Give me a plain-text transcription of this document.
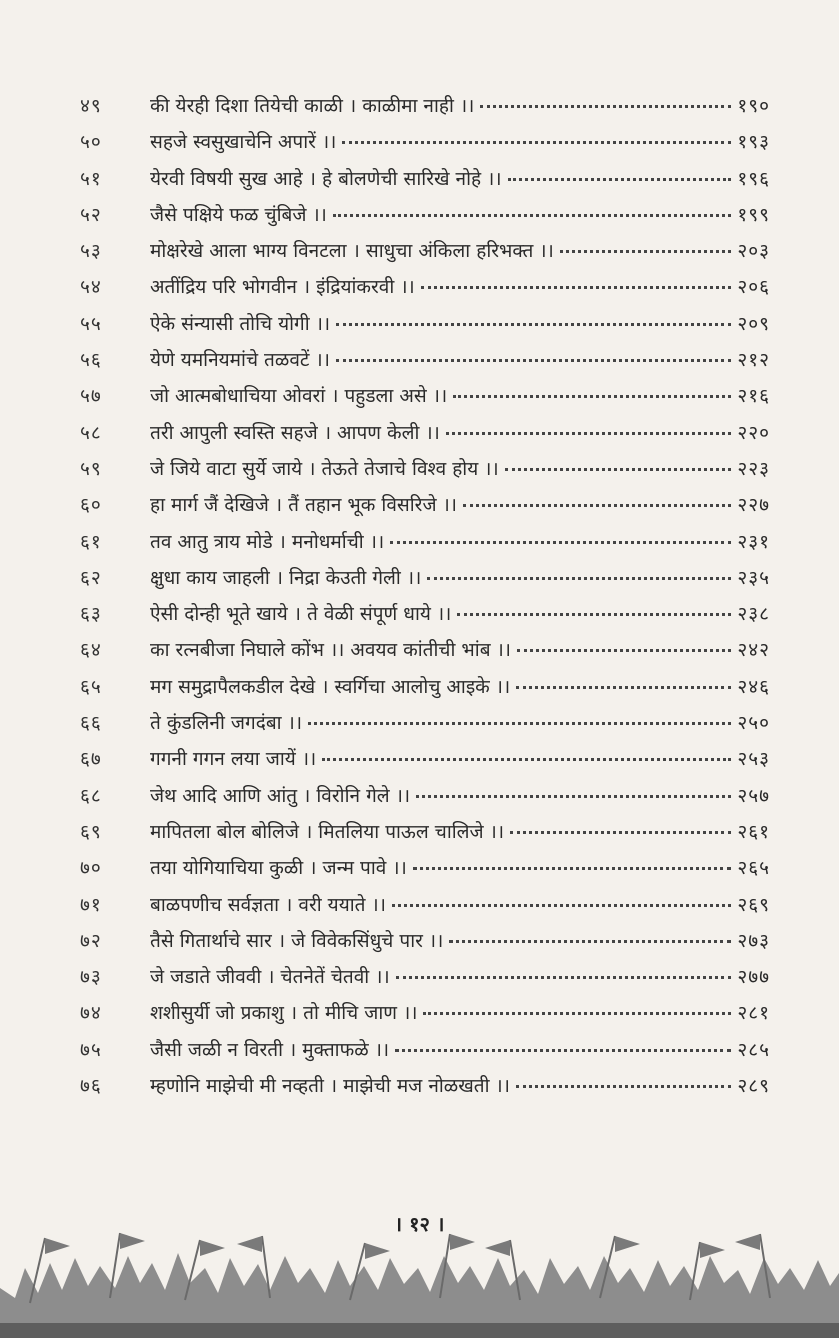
४९	की येरही दिशा तियेची काळी । काळीमा नाही ।।	१९०
५०	सहजे स्वसुखाचेनि अपारें ।।	१९३
५१	येरवी विषयी सुख आहे । हे बोलणेची सारिखे नोहे ।।	१९६
५२	जैसे पक्षिये फळ चुंबिजे ।।	१९९
५३	मोक्षरेखे आला भाग्य विनटला । साधुचा अंकिला हरिभक्त ।।	२०३
५४	अतींद्रिय परि भोगवीन । इंद्रियांकरवी ।।	२०६
५५	ऐके संन्यासी तोचि योगी ।।	२०९
५६	येणे यमनियमांचे तळवटें ।।	२१२
५७	जो आत्मबोधाचिया ओवरां । पहुडला असे ।।	२१६
५८	तरी आपुली स्वस्ति सहजे । आपण केली ।।	२२०
५९	जे जिये वाटा सुर्ये जाये । तेऊते तेजाचे विश्व होय ।।	२२३
६०	हा मार्ग जैं देखिजे । तैं तहान भूक विसरिजे ।।	२२७
६१	तव आतु त्राय मोडे । मनोधर्माची ।।	२३१
६२	क्षुधा काय जाहली । निद्रा केउती गेली ।।	२३५
६३	ऐसी दोन्ही भूते खाये । ते वेळी संपूर्ण धाये ।।	२३८
६४	का रत्नबीजा निघाले कोंभ ।। अवयव कांतीची भांब ।।	२४२
६५	मग समुद्रापैलकडील देखे । स्वर्गिचा आलोचु आइके ।।	२४६
६६	ते कुंडलिनी जगदंबा ।।	२५०
६७	गगनी गगन लया जायें ।।	२५३
६८	जेथ आदि आणि आंतु । विरोनि गेले ।।	२५७
६९	मापितला बोल बोलिजे । मितलिया पाऊल चालिजे ।।	२६१
७०	तया योगियाचिया कुळी । जन्म पावे ।।	२६५
७१	बाळपणीच सर्वज्ञता । वरी ययाते ।।	२६९
७२	तैसे गितार्थाचे सार । जे विवेकसिंधुचे पार ।।	२७३
७३	जे जडाते जीववी । चेतनेतें चेतवी ।।	२७७
७४	शशीसुर्यी जो प्रकाशु । तो मीचि जाण ।।	२८१
७५	जैसी जळी न विरती । मुक्ताफळे ।।	२८५
७६	म्हणोनि माझेची मी नव्हती । माझेची मज नोळखती ।।	२८९
। १२ ।
